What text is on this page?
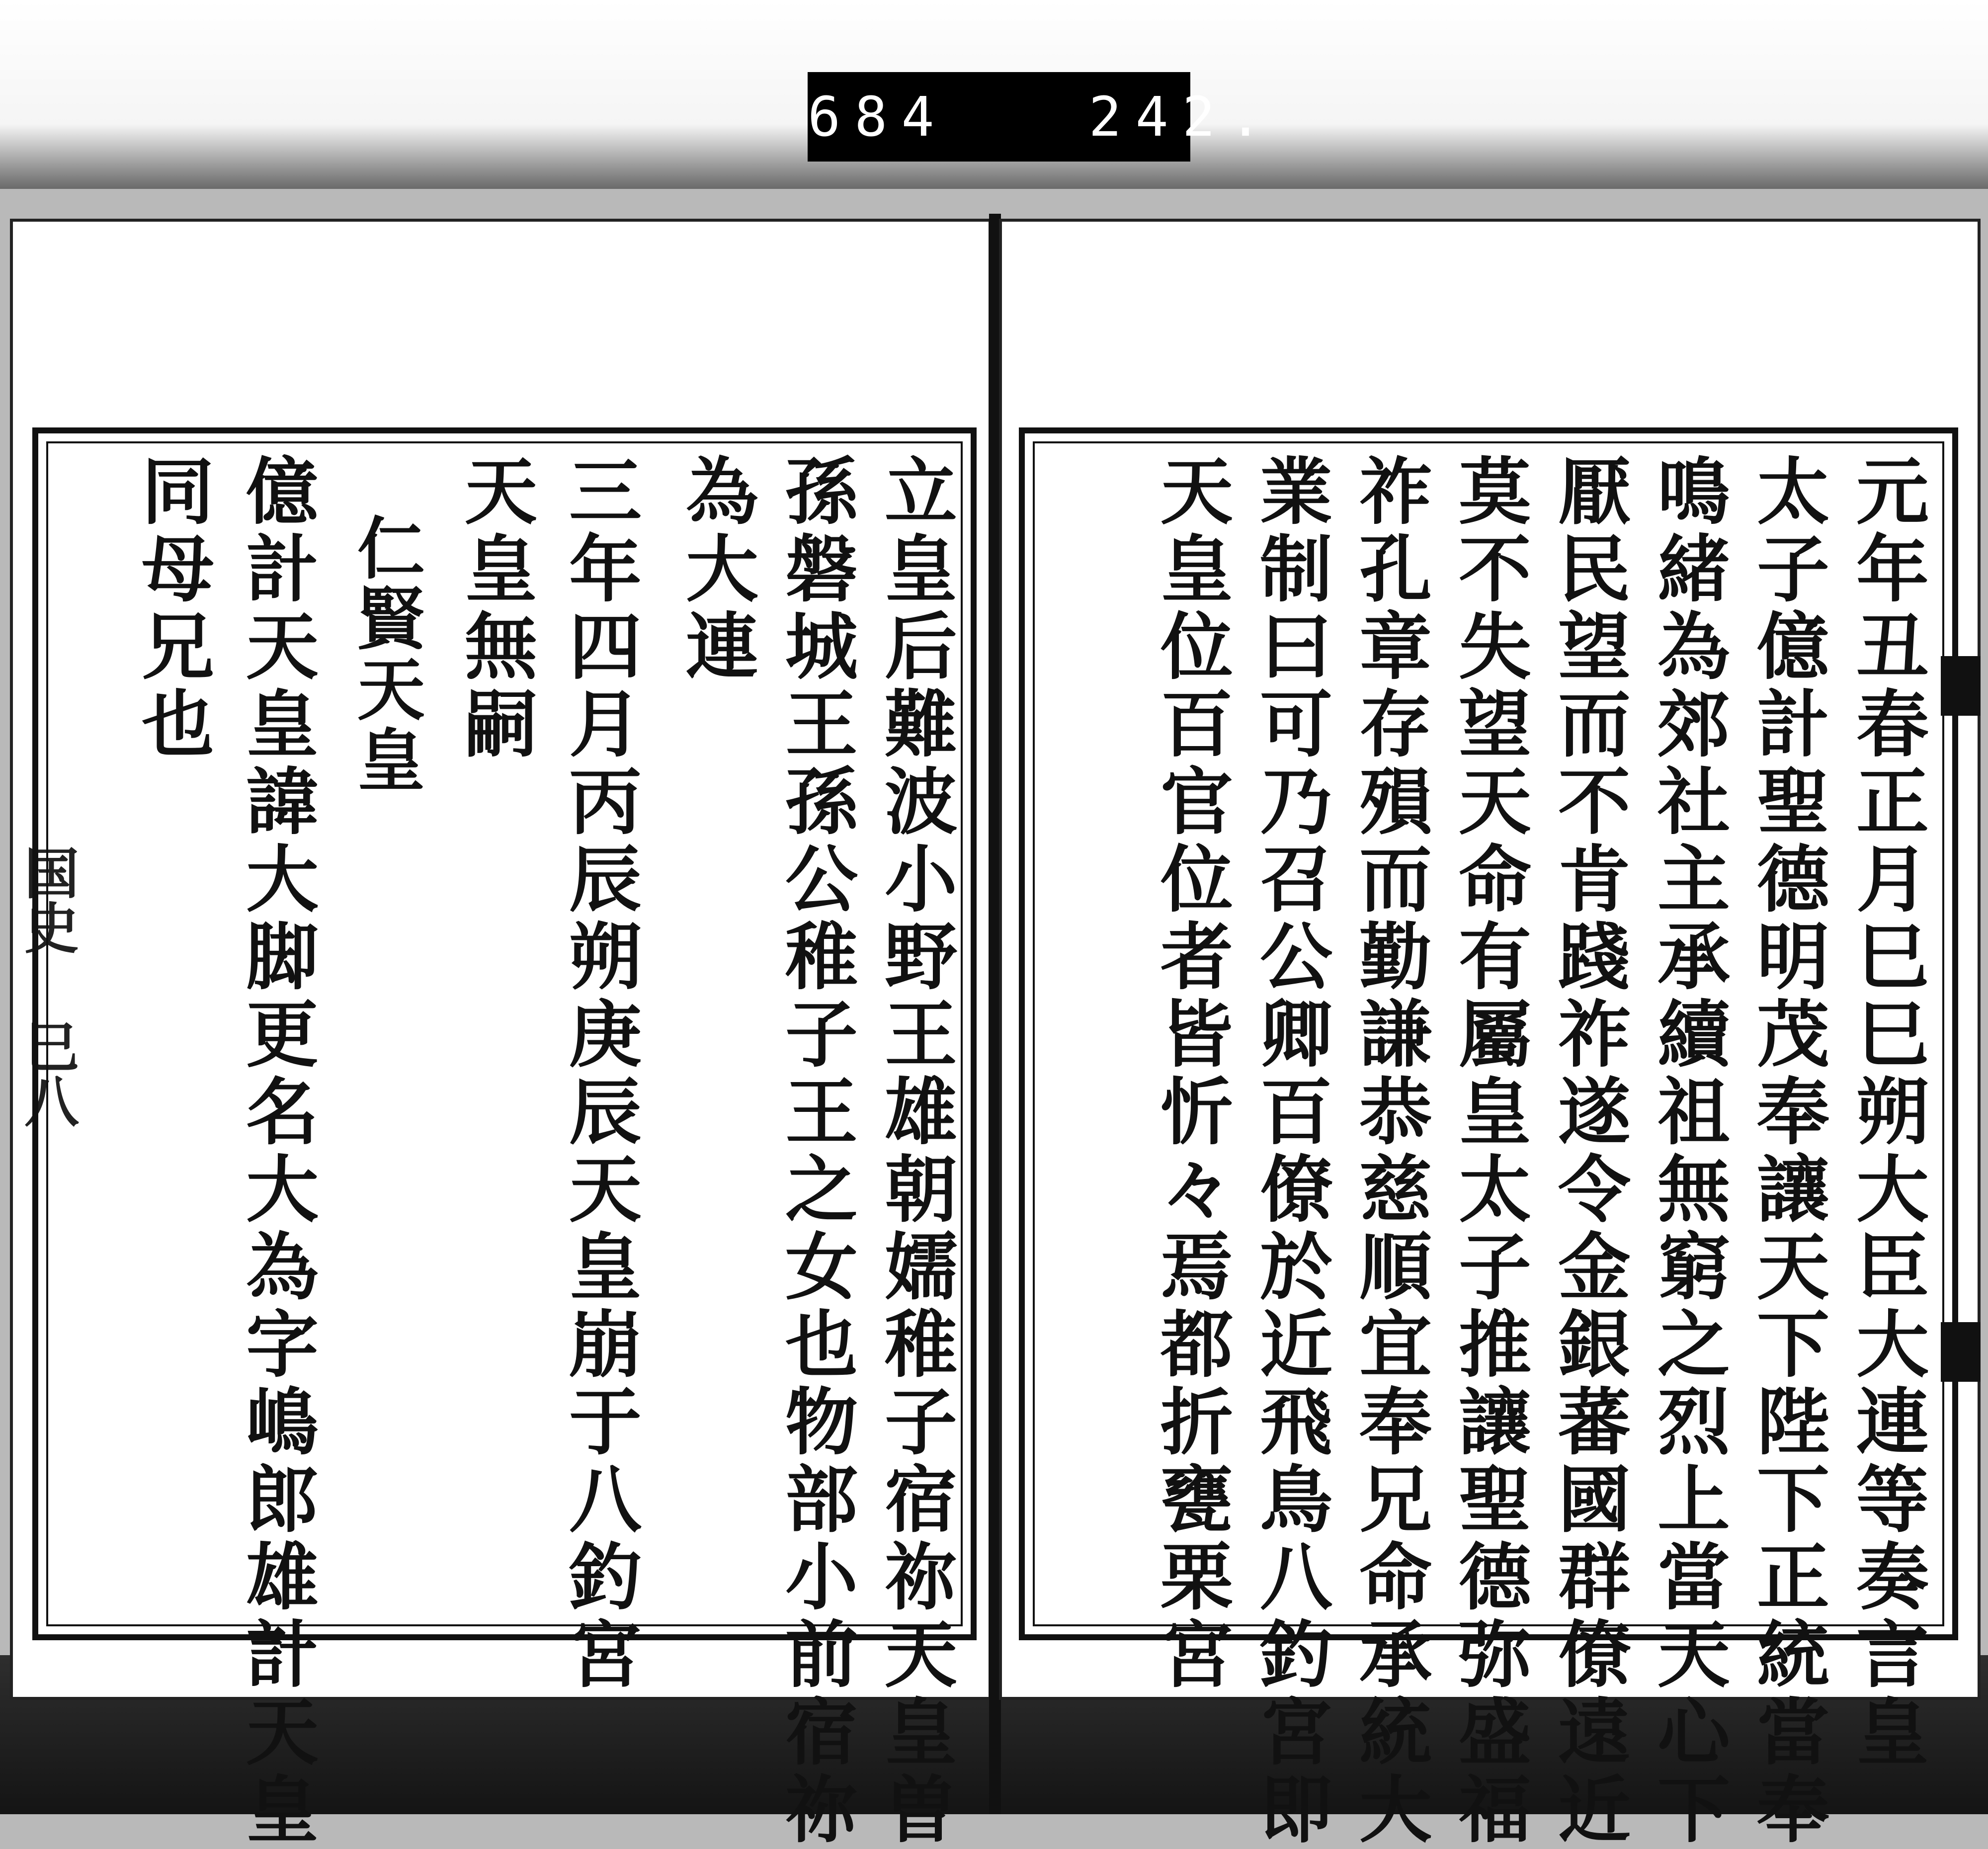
684   242.
国史 巳八	立皇后難波小野王雄朝嬬稚子宿祢天皇曽
孫磐城王孫公稚子王之女也物部小前宿祢
為大連
三年四月丙辰朔庚辰天皇崩于八釣宮
天皇無嗣
仁賢天皇
億計天皇諱大脚更名大為字嶋郎雄計天皇
同母兄也	元年丑春正月巳巳朔大臣大連等奏言皇
太子億計聖德明茂奉讓天下陛下正統當奉
鳴緒為郊社主承續祖無窮之烈上當天心下
厭民望而不肯踐祚遂令金銀蕃國群僚遠近
莫不失望天命有屬皇太子推讓聖德弥盛福
祚孔章存殞而勤謙恭慈順宜奉兄命承統大
業制曰可乃召公卿百僚於近飛鳥八釣宮即
天皇位百官位者皆忻々焉都折甕栗宮
